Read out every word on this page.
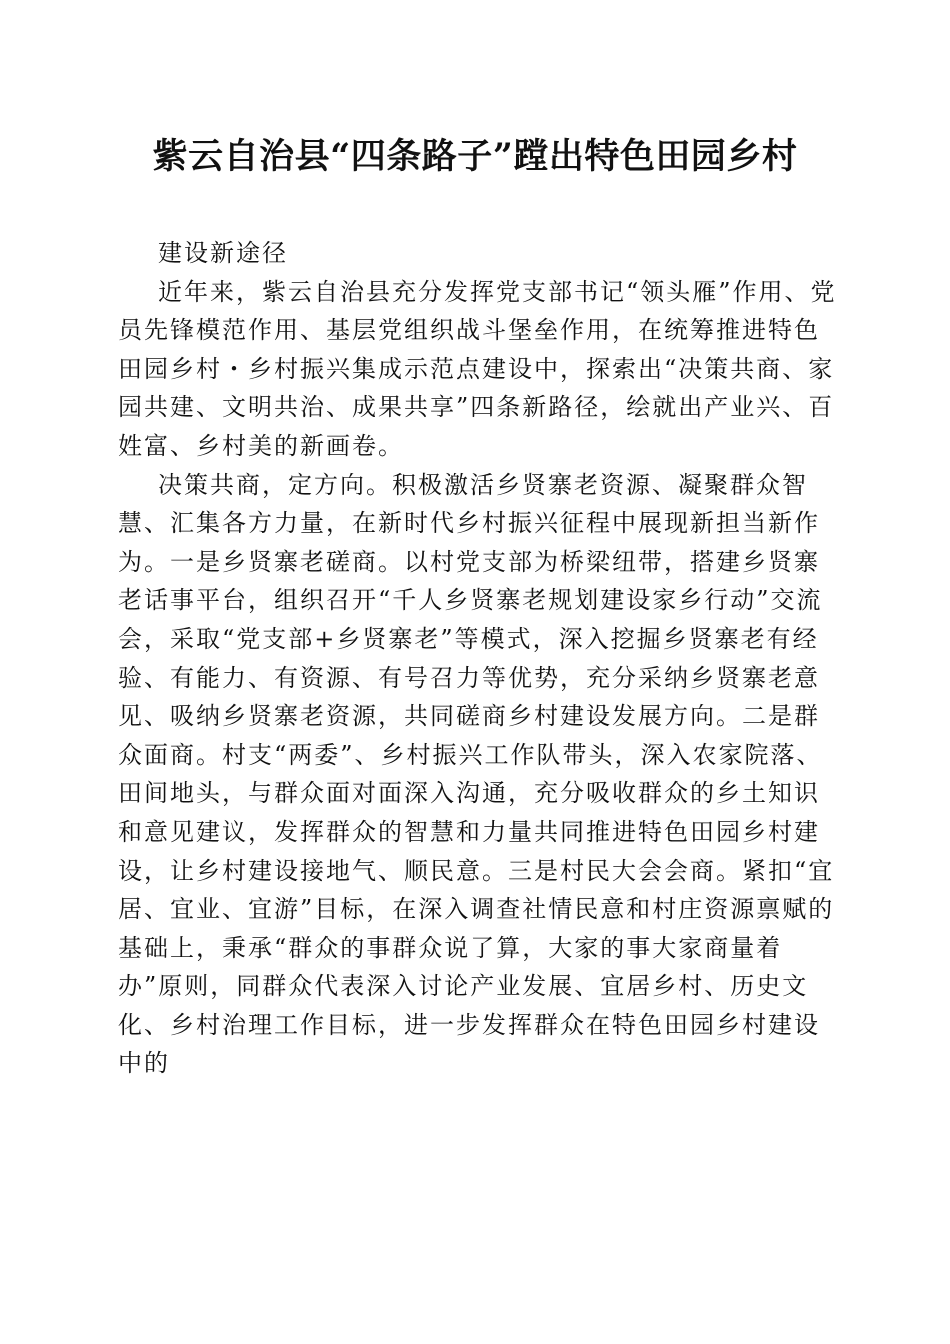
紫云自治县“四条路子”蹚出特色田园乡村

建设新途径

近年来，紫云自治县充分发挥党支部书记“领头雁”作用、党员先锋模范作用、基层党组织战斗堡垒作用，在统筹推进特色田园乡村・乡村振兴集成示范点建设中，探索出“决策共商、家园共建、文明共治、成果共享”四条新路径，绘就出产业兴、百姓富、乡村美的新画卷。

决策共商，定方向。积极激活乡贤寨老资源、凝聚群众智慧、汇集各方力量，在新时代乡村振兴征程中展现新担当新作为。一是乡贤寨老磋商。以村党支部为桥梁纽带，搭建乡贤寨老话事平台，组织召开“千人乡贤寨老规划建设家乡行动”交流会，采取“党支部+乡贤寨老”等模式，深入挖掘乡贤寨老有经验、有能力、有资源、有号召力等优势，充分采纳乡贤寨老意见、吸纳乡贤寨老资源，共同磋商乡村建设发展方向。二是群众面商。村支“两委”、乡村振兴工作队带头，深入农家院落、田间地头，与群众面对面深入沟通，充分吸收群众的乡土知识和意见建议，发挥群众的智慧和力量共同推进特色田园乡村建设，让乡村建设接地气、顺民意。三是村民大会会商。紧扣“宜居、宜业、宜游”目标，在深入调查社情民意和村庄资源禀赋的基础上，秉承“群众的事群众说了算，大家的事大家商量着办”原则，同群众代表深入讨论产业发展、宜居乡村、历史文化、乡村治理工作目标，进一步发挥群众在特色田园乡村建设中的
